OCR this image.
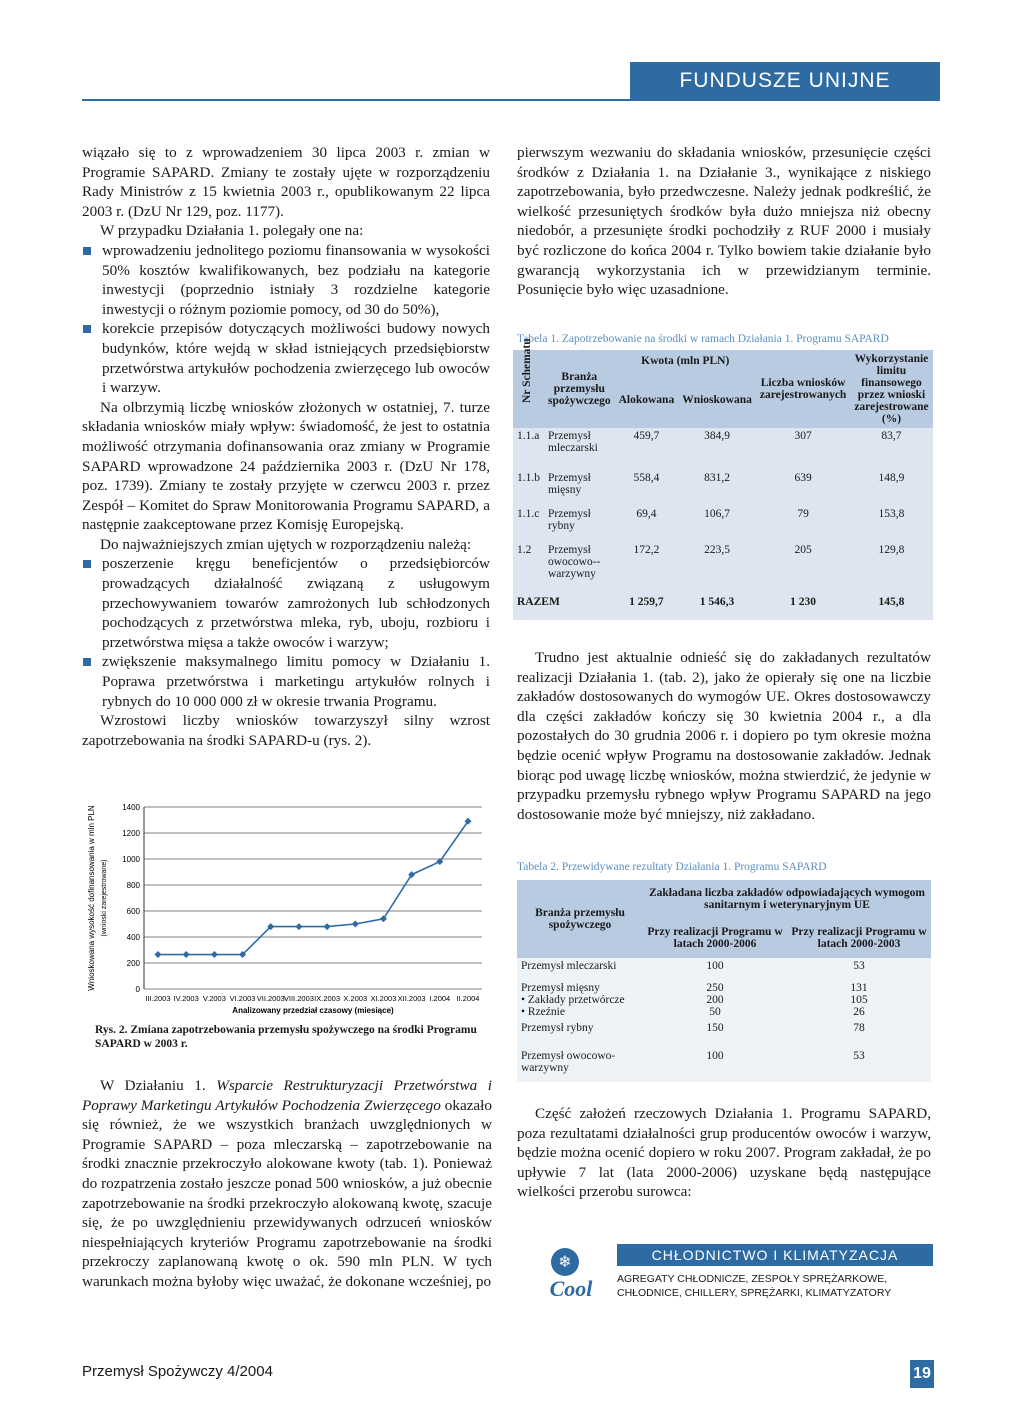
FUNDUSZE UNIJNE

wiązało się to z wprowadzeniem 30 lipca 2003 r. zmian w Programie SAPARD. Zmiany te zostały ujęte w rozporządzeniu Rady Ministrów z 15 kwietnia 2003 r., opublikowanym 22 lipca 2003 r. (DzU Nr 129, poz. 1177).

W przypadku Działania 1. polegały one na:

wprowadzeniu jednolitego poziomu finansowania w wysokości 50% kosztów kwalifikowanych, bez podziału na kategorie inwestycji (poprzednio istniały 3 rozdzielne kategorie inwestycji o różnym poziomie pomocy, od 30 do 50%),

korekcie przepisów dotyczących możliwości budowy nowych budynków, które wejdą w skład istniejących przedsiębiorstw przetwórstwa artykułów pochodzenia zwierzęcego lub owoców i warzyw.

Na olbrzymią liczbę wniosków złożonych w ostatniej, 7. turze składania wniosków miały wpływ: świadomość, że jest to ostatnia możliwość otrzymania dofinansowania oraz zmiany w Programie SAPARD wprowadzone 24 października 2003 r. (DzU Nr 178, poz. 1739). Zmiany te zostały przyjęte w czerwcu 2003 r. przez Zespół – Komitet do Spraw Monitorowania Programu SAPARD, a następnie zaakceptowane przez Komisję Europejską.

Do najważniejszych zmian ujętych w rozporządzeniu należą:

poszerzenie kręgu beneficjentów o przedsiębiorców prowadzących działalność związaną z usługowym przechowywaniem towarów zamrożonych lub schłodzonych pochodzących z przetwórstwa mleka, ryb, uboju, rozbioru i przetwórstwa mięsa a także owoców i warzyw;

zwiększenie maksymalnego limitu pomocy w Działaniu 1. Poprawa przetwórstwa i marketingu artykułów rolnych i rybnych do 10 000 000 zł w okresie trwania Programu.

Wzrostowi liczby wniosków towarzyszył silny wzrost zapotrzebowania na środki SAPARD-u (rys. 2).

pierwszym wezwaniu do składania wniosków, przesunięcie części środków z Działania 1. na Działanie 3., wynikające z niskiego zapotrzebowania, było przedwczesne. Należy jednak podkreślić, że wielkość przesuniętych środków była dużo mniejsza niż obecny niedobór, a przesunięte środki pochodziły z RUF 2000 i musiały być rozliczone do końca 2004 r. Tylko bowiem takie działanie było gwarancją wykorzystania ich w przewidzianym terminie. Posunięcie było więc uzasadnione.

Tabela 1. Zapotrzebowanie na środki w ramach Działania 1. Programu SAPARD
Nr Schematu	Branża przemysłu spożywczego	Kwota (mln PLN)		Liczba wniosków zarejestrowanych	Wykorzystanie limitu finansowego przez wnioski zarejestrowane (%)
		Alokowana	Wnioskowana		
1.1.a	Przemysł mleczarski	459,7	384,9	307	83,7
1.1.b	Przemysł mięsny	558,4	831,2	639	148,9
1.1.c	Przemysł rybny	69,4	106,7	79	153,8
1.2	Przemysł owocowo--warzywny	172,2	223,5	205	129,8
RAZEM		1 259,7	1 546,3	1 230	145,8

Trudno jest aktualnie odnieść się do zakładanych rezultatów realizacji Działania 1. (tab. 2), jako że opierały się one na liczbie zakładów dostosowanych do wymogów UE. Okres dostosowawczy dla części zakładów kończy się 30 kwietnia 2004 r., a dla pozostałych do 30 grudnia 2006 r. i dopiero po tym okresie można będzie ocenić wpływ Programu na dostosowanie zakładów. Jednak biorąc pod uwagę liczbę wniosków, można stwierdzić, że jedynie w przypadku przemysłu rybnego wpływ Programu SAPARD na jego dostosowanie może być mniejszy, niż zakładano.

Tabela 2. Przewidywane rezultaty Działania 1. Programu SAPARD
Branża przemysłu spożywczego	Zakładana liczba zakładów odpowiadających wymogom sanitarnym i weterynaryjnym UE	
	Przy realizacji Programu w latach 2000-2006	Przy realizacji Programu w latach 2000-2003
Przemysł mleczarski	100	53
Przemysł mięsny	250	131
• Zakłady przetwórcze	200	105
• Rzeźnie	50	26
Przemysł rybny	150	78
Przemysł owocowo-warzywny	100	53
0
200
400
600
800
1000
1200
1400
III.2003 IV.2003 V.2003 VI.2003 VII.2003 VIII.2003 IX.2003 X.2003 XI.2003 XII.2003 I.2004 II.2004
Analizowany przedział czasowy (miesiące)
Wnioskowana wysokość dofinansowania w mln PLN (wnioski zarejestrowane)
Rys. 2. Zmiana zapotrzebowania przemysłu spożywczego na środki Programu SAPARD w 2003 r.

W Działaniu 1. Wsparcie Restrukturyzacji Przetwórstwa i Poprawy Marketingu Artykułów Pochodzenia Zwierzęcego okazało się również, że we wszystkich branżach uwzględnionych w Programie SAPARD – poza mleczarską – zapotrzebowanie na środki znacznie przekroczyło alokowane kwoty (tab. 1). Ponieważ do rozpatrzenia zostało jeszcze ponad 500 wniosków, a już obecnie zapotrzebowanie na środki przekroczyło alokowaną kwotę, szacuje się, że po uwzględnieniu przewidywanych odrzuceń wniosków niespełniających kryteriów Programu zapotrzebowanie na środki przekroczy zaplanowaną kwotę o ok. 590 mln PLN. W tych warunkach można byłoby więc uważać, że dokonane wcześniej, po

Część założeń rzeczowych Działania 1. Programu SAPARD, poza rezultatami działalności grup producentów owoców i warzyw, będzie można ocenić dopiero w roku 2007. Program zakładał, że po upływie 7 lat (lata 2000-2006) uzyskane będą następujące wielkości przerobu surowca:

CHŁODNICTWO I KLIMATYZACJA
❄
Cool AGREGATY CHŁODNICZE, ZESPOŁY SPRĘŻARKOWE,
CHŁODNICE, CHILLERY, SPRĘŻARKI, KLIMATYZATORY
Przemysł Spożywczy 4/2004	19
